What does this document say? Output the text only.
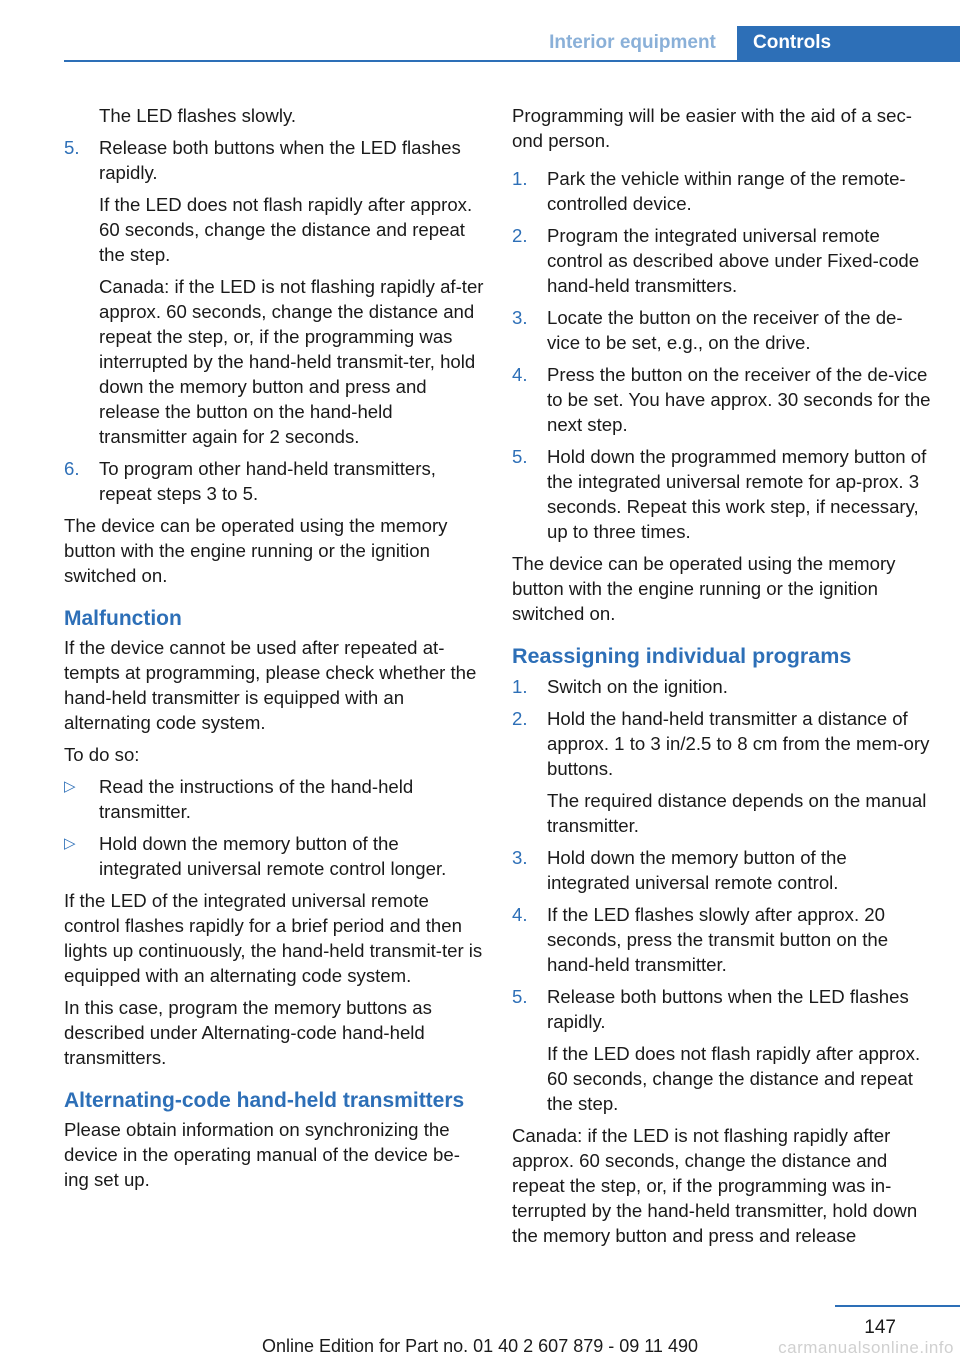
Interior equipment	Controls

The LED flashes slowly.

5. Release both buttons when the LED flashes rapidly.

If the LED does not flash rapidly after approx. 60 seconds, change the distance and repeat the step.

Canada: if the LED is not flashing rapidly af‐ter approx. 60 seconds, change the distance and repeat the step, or, if the programming was interrupted by the hand-held transmit‐ter, hold down the memory button and press and release the button on the hand-held transmitter again for 2 seconds.

6. To program other hand-held transmitters, repeat steps 3 to 5.

The device can be operated using the memory button with the engine running or the ignition switched on.

Malfunction

If the device cannot be used after repeated at‐tempts at programming, please check whether the hand-held transmitter is equipped with an alternating code system.

To do so:

▷ Read the instructions of the hand-held transmitter.
▷ Hold down the memory button of the integrated universal remote control longer.

If the LED of the integrated universal remote control flashes rapidly for a brief period and then lights up continuously, the hand-held transmit‐ter is equipped with an alternating code system.

In this case, program the memory buttons as described under Alternating-code hand-held transmitters.

Alternating-code hand-held transmitters

Please obtain information on synchronizing the device in the operating manual of the device be‐ing set up.

Programming will be easier with the aid of a sec‐ond person.

1. Park the vehicle within range of the remote-controlled device.

2. Program the integrated universal remote control as described above under Fixed-code hand-held transmitters.

3. Locate the button on the receiver of the de‐vice to be set, e.g., on the drive.

4. Press the button on the receiver of the de‐vice to be set. You have approx. 30 seconds for the next step.

5. Hold down the programmed memory button of the integrated universal remote for ap‐prox. 3 seconds. Repeat this work step, if necessary, up to three times.

The device can be operated using the memory button with the engine running or the ignition switched on.

Reassigning individual programs
1. Switch on the ignition.

2. Hold the hand-held transmitter a distance of approx. 1 to 3 in/2.5 to 8 cm from the mem‐ory buttons.

The required distance depends on the manual transmitter.

3. Hold down the memory button of the integrated universal remote control.

4. If the LED flashes slowly after approx. 20 seconds, press the transmit button on the hand-held transmitter.

5. Release both buttons when the LED flashes rapidly.

If the LED does not flash rapidly after approx. 60 seconds, change the distance and repeat the step.

Canada: if the LED is not flashing rapidly after approx. 60 seconds, change the distance and repeat the step, or, if the programming was in‐terrupted by the hand-held transmitter, hold down the memory button and press and release

147
Online Edition for Part no. 01 40 2 607 879 - 09 11 490	carmanualsonline.info
